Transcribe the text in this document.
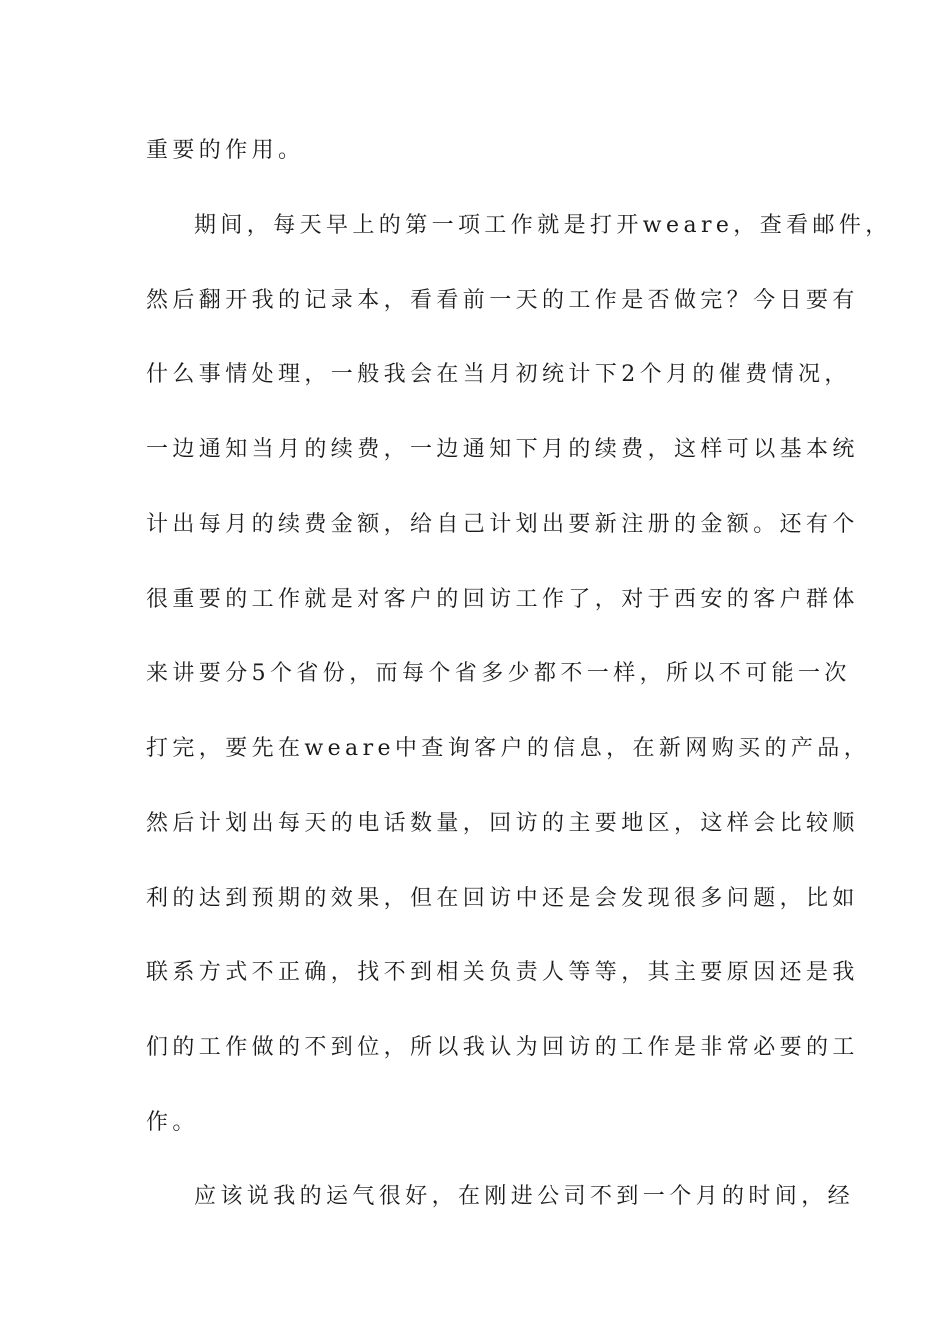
重要的作用。
期间，每天早上的第一项工作就是打开weare，查看邮件，
然后翻开我的记录本，看看前一天的工作是否做完？今日要有
什么事情处理，一般我会在当月初统计下2个月的催费情况，
一边通知当月的续费，一边通知下月的续费，这样可以基本统
计出每月的续费金额，给自己计划出要新注册的金额。还有个
很重要的工作就是对客户的回访工作了，对于西安的客户群体
来讲要分5个省份，而每个省多少都不一样，所以不可能一次
打完，要先在weare中查询客户的信息，在新网购买的产品，
然后计划出每天的电话数量，回访的主要地区，这样会比较顺
利的达到预期的效果，但在回访中还是会发现很多问题，比如
联系方式不正确，找不到相关负责人等等，其主要原因还是我
们的工作做的不到位，所以我认为回访的工作是非常必要的工
作。
应该说我的运气很好，在刚进公司不到一个月的时间，经
